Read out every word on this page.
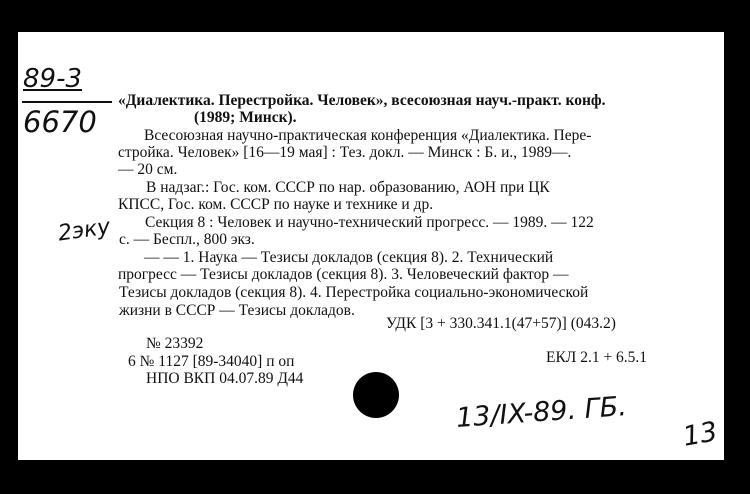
89-3
6670
«Диалектика. Перестройка. Человек», всесоюзная науч.-практ. конф.
(1989; Минск).
Всесоюзная научно-практическая конференция «Диалектика. Пере-
стройка. Человек» [16—19 мая] : Тез. докл. — Минск : Б. и., 1989—.
— 20 см.
В надзаг.: Гос. ком. СССР по нар. образованию, АОН при ЦК
КПСС, Гос. ком. СССР по науке и технике и др.
Секция 8 : Человек и научно-технический прогресс. — 1989. — 122
с. — Беспл., 800 экз.
— — 1. Наука — Тезисы докладов (секция 8). 2. Технический
прогресс — Тезисы докладов (секция 8). 3. Человеческий фактор —
Тезисы докладов (секция 8). 4. Перестройка социально-экономической
жизни в СССР — Тезисы докладов.
2эку
УДК [3 + 330.341.1(47+57)] (043.2)
№ 23392
6 № 1127 [89-34040] п оп	ЕКЛ 2.1 + 6.5.1
НПО ВКП 04.07.89 Д44
13/IX-89. ГБ.
13
